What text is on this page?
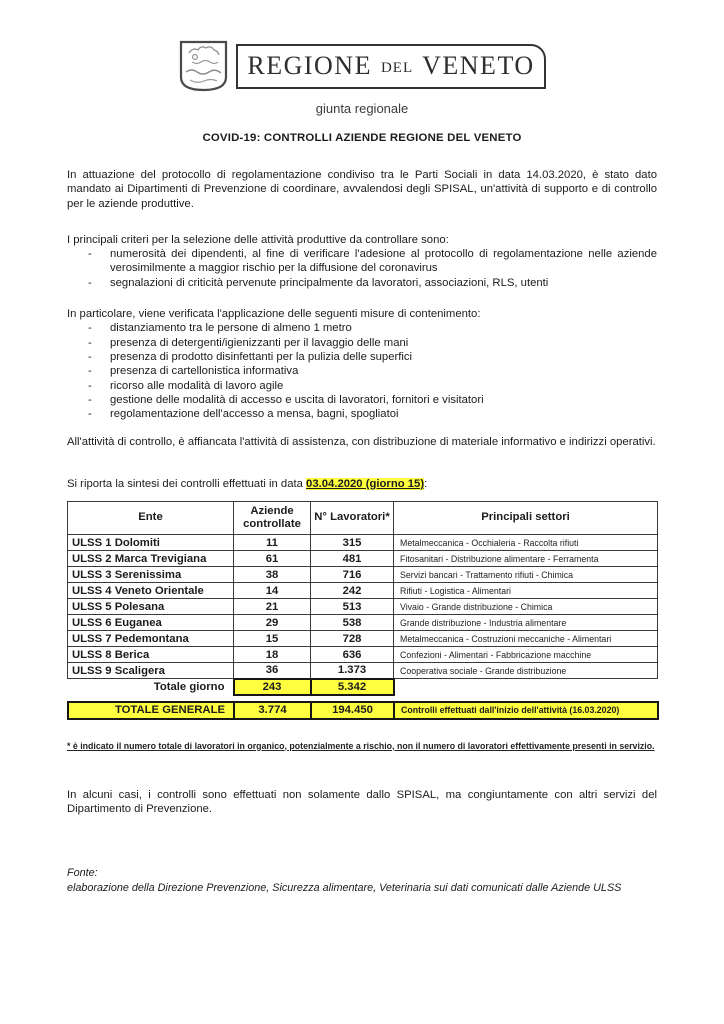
REGIONE DEL VENETO
giunta regionale
COVID-19: CONTROLLI AZIENDE REGIONE DEL VENETO
In attuazione del protocollo di regolamentazione condiviso tra le Parti Sociali in data 14.03.2020, è stato dato mandato ai Dipartimenti di Prevenzione di coordinare, avvalendosi degli SPISAL, un'attività di supporto e di controllo per le aziende produttive.
I principali criteri per la selezione delle attività produttive da controllare sono:
-	numerosità dei dipendenti, al fine di verificare l'adesione al protocollo di regolamentazione nelle aziende verosimilmente a maggior rischio per la diffusione del coronavirus
-	segnalazioni di criticità pervenute principalmente da lavoratori, associazioni, RLS, utenti
In particolare, viene verificata l'applicazione delle seguenti misure di contenimento:
-	distanziamento tra le persone di almeno 1 metro
-	presenza di detergenti/igienizzanti per il lavaggio delle mani
-	presenza di prodotto disinfettanti per la pulizia delle superfici
-	presenza di cartellonistica informativa
-	ricorso alle modalità di lavoro agile
-	gestione delle modalità di accesso e uscita di lavoratori, fornitori e visitatori
-	regolamentazione dell'accesso a mensa, bagni, spogliatoi
All'attività di controllo, è affiancata l'attività di assistenza, con distribuzione di materiale informativo e indirizzi operativi.
Si riporta la sintesi dei controlli effettuati in data 03.04.2020 (giorno 15):
Ente	Aziende controllate	N° Lavoratori*	Principali settori
ULSS 1 Dolomiti	11	315	Metalmeccanica - Occhialeria - Raccolta rifiuti
ULSS 2 Marca Trevigiana	61	481	Fitosanitari - Distribuzione alimentare - Ferramenta
ULSS 3 Serenissima	38	716	Servizi bancari - Trattamento rifiuti - Chimica
ULSS 4 Veneto Orientale	14	242	Rifiuti - Logistica - Alimentari
ULSS 5 Polesana	21	513	Vivaio - Grande distribuzione - Chimica
ULSS 6 Euganea	29	538	Grande distribuzione - Industria alimentare
ULSS 7 Pedemontana	15	728	Metalmeccanica - Costruzioni meccaniche - Alimentari
ULSS 8 Berica	18	636	Confezioni - Alimentari - Fabbricazione macchine
ULSS 9 Scaligera	36	1.373	Cooperativa sociale - Grande distribuzione
Totale giorno	243	5.342	
TOTALE GENERALE	3.774	194.450	Controlli effettuati dall'inizio dell'attività (16.03.2020)
* è indicato il numero totale di lavoratori in organico, potenzialmente a rischio, non il numero di lavoratori effettivamente presenti in servizio.
In alcuni casi, i controlli sono effettuati non solamente dallo SPISAL, ma congiuntamente con altri servizi del Dipartimento di Prevenzione.
Fonte:
elaborazione della Direzione Prevenzione, Sicurezza alimentare, Veterinaria sui dati comunicati dalle Aziende ULSS
